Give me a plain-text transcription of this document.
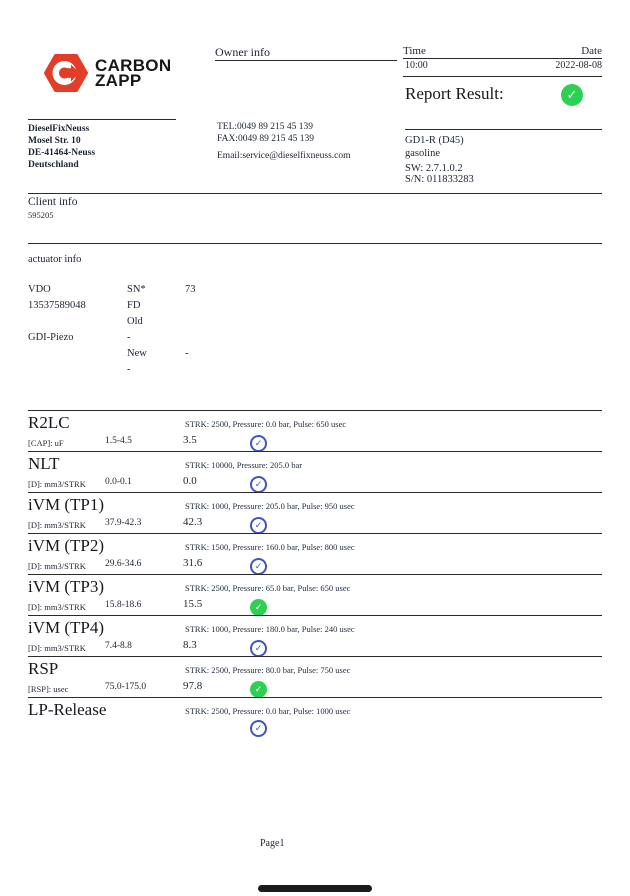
CARBON
ZAPP
Owner info	Time	Date
10:00	2022-08-08
Report Result:	✓
DieselFixNeuss
Mosel Str. 10
DE-41464-Neuss
Deutschland
TEL:0049 89 215 45 139
FAX:0049 89 215 45 139
Email:service@dieselfixneuss.com
GD1-R (D45)
gasoline
SW: 2.7.1.0.2
S/N: 011833283
Client info
595205
actuator info
VDO	SN*	73
13537589048	FD	
	Old	
GDI-Piezo	-	
	New	-
	-	
R2LC	STRK: 2500, Pressure: 0.0 bar, Pulse: 650 usec
[CAP]: uF	1.5-4.5	3.5	✓
NLT	STRK: 10000, Pressure: 205.0 bar
[D]: mm3/STRK 0.0-0.1	0.0	✓
iVM (TP1)	STRK: 1000, Pressure: 205.0 bar, Pulse: 950 usec
[D]: mm3/STRK 37.9-42.3	42.3	✓
iVM (TP2)	STRK: 1500, Pressure: 160.0 bar, Pulse: 800 usec
[D]: mm3/STRK 29.6-34.6	31.6	✓
iVM (TP3)	STRK: 2500, Pressure: 65.0 bar, Pulse: 650 usec
[D]: mm3/STRK 15.8-18.6	15.5	✓
iVM (TP4)	STRK: 1000, Pressure: 180.0 bar, Pulse: 240 usec
[D]: mm3/STRK 7.4-8.8	8.3	✓
RSP	STRK: 2500, Pressure: 80.0 bar, Pulse: 750 usec
[RSP]: usec	75.0-175.0	97.8	✓
LP-Release	STRK: 2500, Pressure: 0.0 bar, Pulse: 1000 usec
✓
Page1
